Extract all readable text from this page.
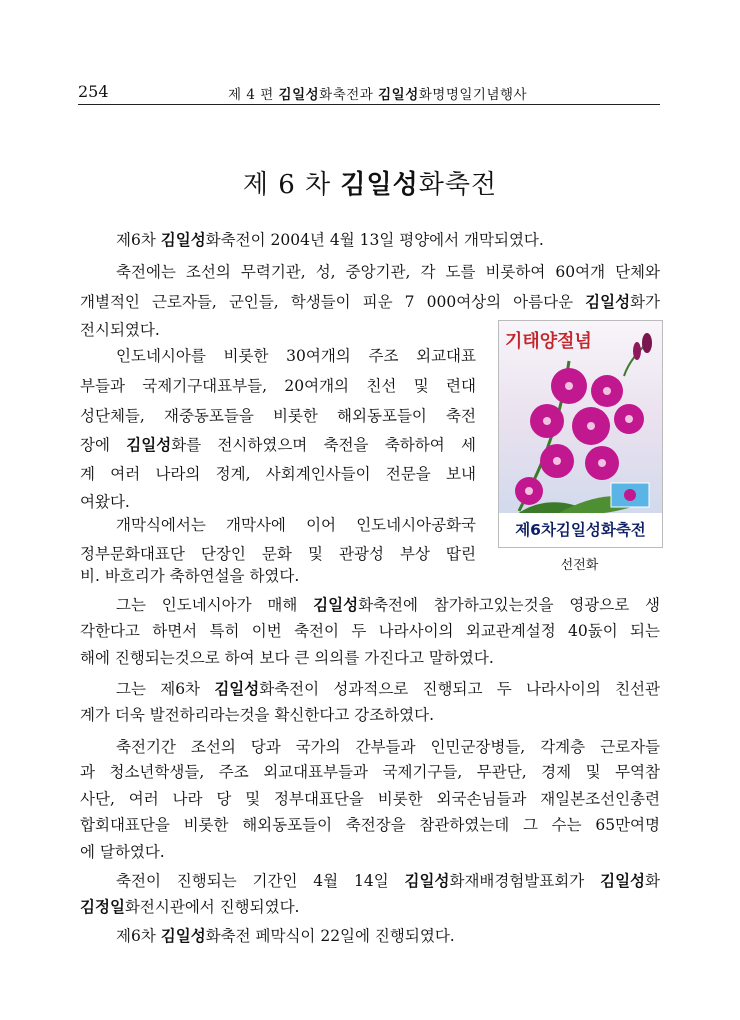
254	제 4 편 김일성화축전과 김일성화명명일기념행사
제 6 차 김일성화축전
제6차 김일성화축전이 2004년 4월 13일 평양에서 개막되였다.
축전에는 조선의 무력기관, 성, 중앙기관, 각 도를 비롯하여 60여개 단체와
개별적인 근로자들, 군인들, 학생들이 피운 7 000여상의 아름다운 김일성화가
전시되였다.
인도네시아를 비롯한 30여개의 주조 외교대표
부들과 국제기구대표부들, 20여개의 친선 및 련대
성단체들, 재중동포들을 비롯한 해외동포들이 축전
장에 김일성화를 전시하였으며 축전을 축하하여 세
계 여러 나라의 정계, 사회계인사들이 전문을 보내
여왔다.
개막식에서는 개막사에 이어 인도네시아공화국
정부문화대표단 단장인 문화 및 관광성 부상 땁린
비. 바흐리가 축하연설을 하였다.
그는 인도네시아가 매해 김일성화축전에 참가하고있는것을 영광으로 생
각한다고 하면서 특히 이번 축전이 두 나라사이의 외교관계설정 40돐이 되는
해에 진행되는것으로 하여 보다 큰 의의를 가진다고 말하였다.
그는 제6차 김일성화축전이 성과적으로 진행되고 두 나라사이의 친선관
계가 더욱 발전하리라는것을 확신한다고 강조하였다.
축전기간 조선의 당과 국가의 간부들과 인민군장병들, 각계층 근로자들
과 청소년학생들, 주조 외교대표부들과 국제기구들, 무관단, 경제 및 무역참
사단, 여러 나라 당 및 정부대표단을 비롯한 외국손님들과 재일본조선인총련
합회대표단을 비롯한 해외동포들이 축전장을 참관하였는데 그 수는 65만여명
에 달하였다.
축전이 진행되는 기간인 4월 14일 김일성화재배경험발표회가 김일성화
김정일화전시관에서 진행되였다.
제6차 김일성화축전 페막식이 22일에 진행되였다.
기태양절념
제6차김일성화축전
선전화
